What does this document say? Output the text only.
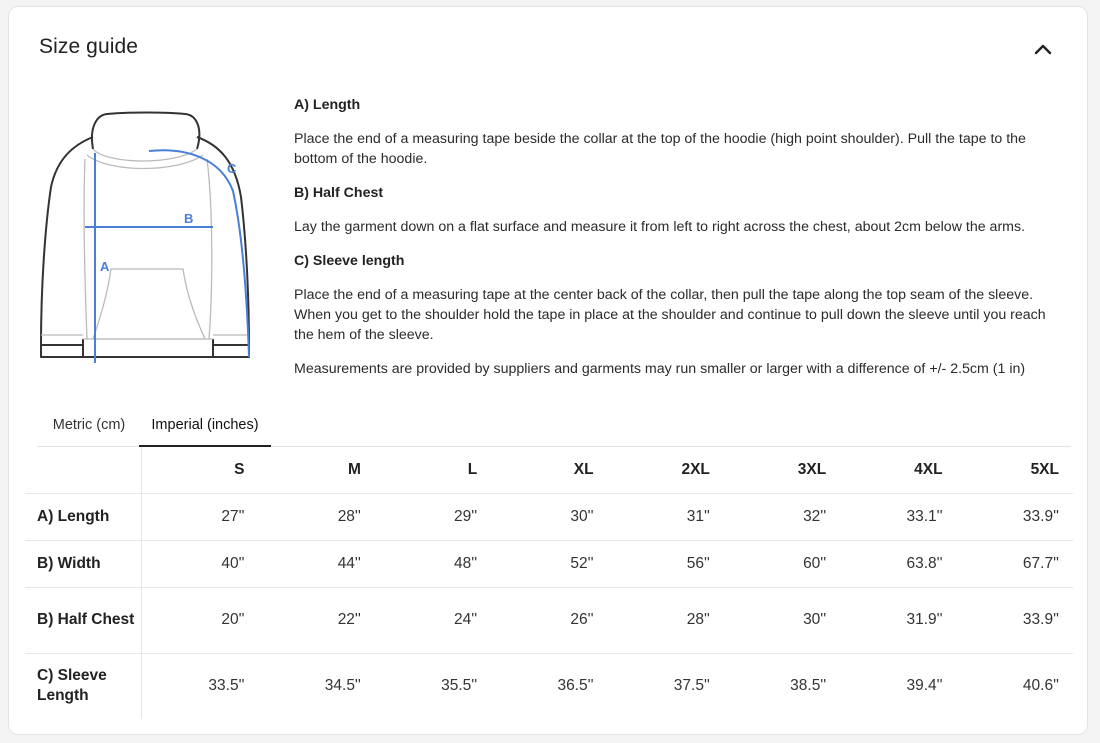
Size guide
A
B
C

A) Length

Place the end of a measuring tape beside the collar at the top of the hoodie (high point shoulder). Pull the tape to the bottom of the hoodie.

B) Half Chest

Lay the garment down on a flat surface and measure it from left to right across the chest, about 2cm below the arms.

C) Sleeve length

Place the end of a measuring tape at the center back of the collar, then pull the tape along the top seam of the sleeve. When you get to the shoulder hold the tape in place at the shoulder and continue to pull down the sleeve until you reach the hem of the sleeve.

Measurements are provided by suppliers and garments may run smaller or larger with a difference of +/- 2.5cm (1 in)

Metric (cm)	Imperial (inches)
	S	M	L	XL	2XL	3XL	4XL	5XL
A) Length	27''	28''	29''	30''	31''	32''	33.1''	33.9''
B) Width	40''	44''	48''	52''	56''	60''	63.8''	67.7''
B) Half Chest	20''	22''	24''	26''	28''	30''	31.9''	33.9''
C) Sleeve Length	33.5''	34.5''	35.5''	36.5''	37.5''	38.5''	39.4''	40.6''
